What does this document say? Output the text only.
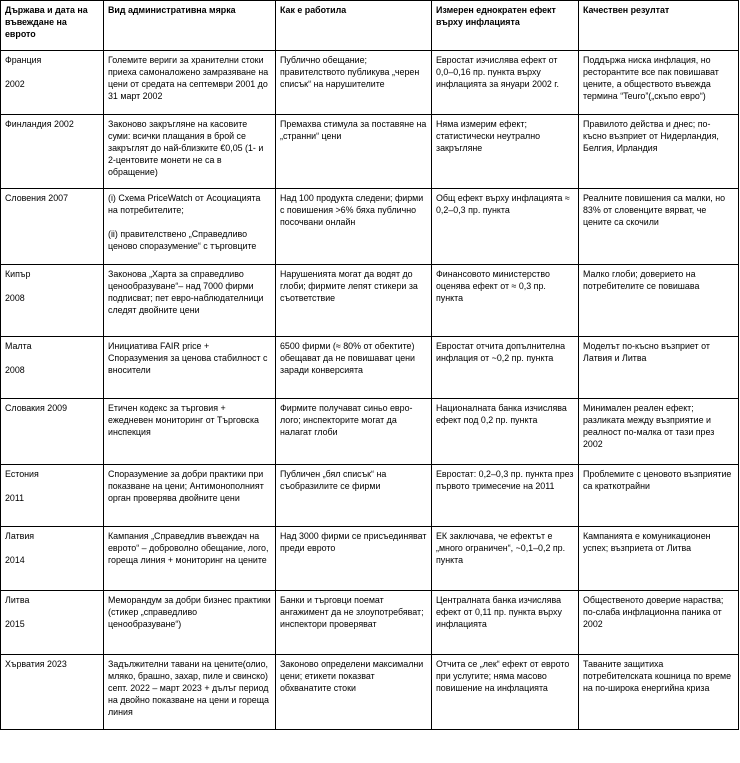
Държава и дата на въвеждане на еврото	Вид административна мярка	Как е работила	Измерен еднократен ефект върху инфлацията	Качествен резултат

Франция
2002	Големите вериги за хранителни стоки приеха самоналожено замразяване на цени от средата на септември 2001 до 31 март 2002	Публично обещание; правителството публикува „черен списък“ на нарушителите	Евростат изчислява ефект от 0,0–0,16 пр. пункта върху инфлацията за януари 2002 г.	Поддържа ниска инфлация, но ресторантите все пак повишават цените, а обществото въвежда термина “Teuro”(„скъпо евро“)

Финландия 2002	Законово закръгляне на касовите суми: всички плащания в брой се закръглят до най-близките €0,05 (1- и 2-центовите монети не са в обращение)	Премахва стимула за поставяне на „странни“ цени	Няма измерим ефект; статистически неутрално закръгляне	Правилото действа и днес; по-късно възприет от Нидерландия, Белгия, Ирландия

Словения 2007	(i) Схема PriceWatch от Асоциацията на потребителите;
(ii) правителствено „Справедливо ценово споразумение“ с търговците	Над 100 продукта следени; фирми с повишения >6% бяха публично посочвани онлайн	Общ ефект върху инфлацията ≈ 0,2–0,3 пр. пункта	Реалните повишения са малки, но 83% от словенците вярват, че цените са скочили

Кипър
2008	Законова „Харта за справедливо ценообразуване“– над 7000 фирми подписват; пет евро-наблюдателници следят двойните цени	Нарушенията могат да водят до глоби; фирмите лепят стикери за съответствие	Финансовото министерство оценява ефект от ≈ 0,3 пр. пункта	Малко глоби; доверието на потребителите се повишава

Малта
2008	Инициатива FAIR price + Споразумения за ценова стабилност с вносители	6500 фирми (≈ 80% от обектите) обещават да не повишават цени заради конверсията	Евростат отчита допълнителна инфлация от ~0,2 пр. пункта	Моделът по-късно възприет от Латвия и Литва

Словакия 2009	Етичен кодекс за търговия + ежедневен мониторинг от Търговска инспекция	Фирмите получават синьо евро-лого; инспекторите могат да налагат глоби	Националната банка изчислява ефект под 0,2 пр. пункта	Минимален реален ефект; разликата между възприятие и реалност по-малка от тази през 2002

Естония
2011	Споразумение за добри практики при показване на цени; Антимонополният орган проверява двойните цени	Публичен „бял списък“ на съобразилите се фирми	Евростат: 0,2–0,3 пр. пункта през първото тримесечие на 2011	Проблемите с ценовото възприятие са краткотрайни

Латвия
2014	Кампания „Справедлив въвеждач на еврото“ – доброволно обещание, лого, гореща линия + мониторинг на цените	Над 3000 фирми се присъединяват преди еврото	ЕК заключава, че ефектът е „много ограничен“, ~0,1–0,2 пр. пункта	Кампанията е комуникационен успех; възприета от Литва

Литва
2015	Меморандум за добри бизнес практики (стикер „справедливо ценообразуване“)	Банки и търговци поемат ангажимент да не злоупотребяват; инспектори проверяват	Централната банка изчислява ефект от 0,11 пр. пункта върху инфлацията	Общественото доверие нараства; по-слаба инфлационна паника от 2002

Хърватия 2023	Задължителни тавани на цените(олио, мляко, брашно, захар, пиле и свинско) септ. 2022 – март 2023 + дълъг период на двойно показване на цени и гореща линия	Законово определени максимални цени; етикети показват обхванатите стоки	Отчита се „лек“ ефект от еврото при услугите; няма масово повишение на инфлацията	Таваните защитиха потребителската кошница по време на по-широка енергийна криза
